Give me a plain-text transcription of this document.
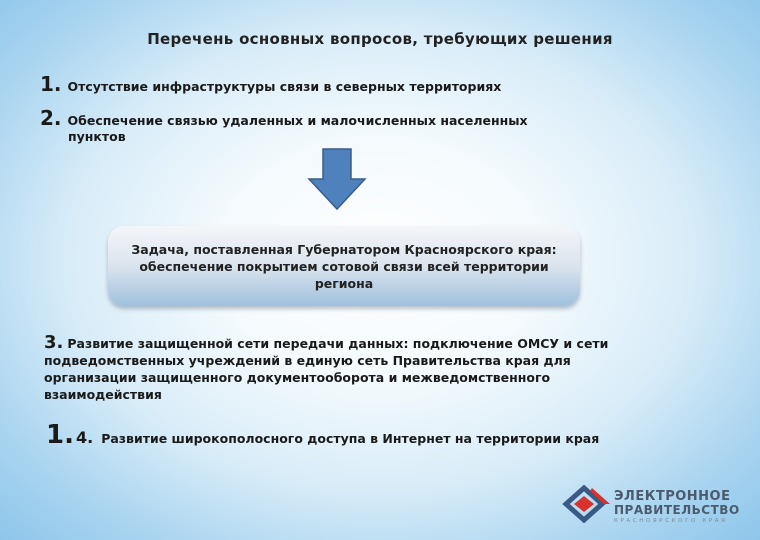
Перечень основных вопросов, требующих решения
1. Отсутствие инфраструктуры связи в северных территориях
2. Обеспечение связью удаленных и малочисленных населенных
пунктов
Задача, поставленная Губернатором Красноярского края: обеспечение покрытием сотовой связи всей территории региона
3. Развитие защищенной сети передачи данных: подключение ОМСУ и сети подведомственных учреждений в единую сеть Правительства края для организации защищенного документооборота и межведомственного взаимодействия
1. 4. Развитие широкополосного доступа в Интернет на территории края
ЭЛЕКТРОННОЕ
ПРАВИТЕЛЬСТВО
КРАСНОЯРСКОГО КРАЯ
